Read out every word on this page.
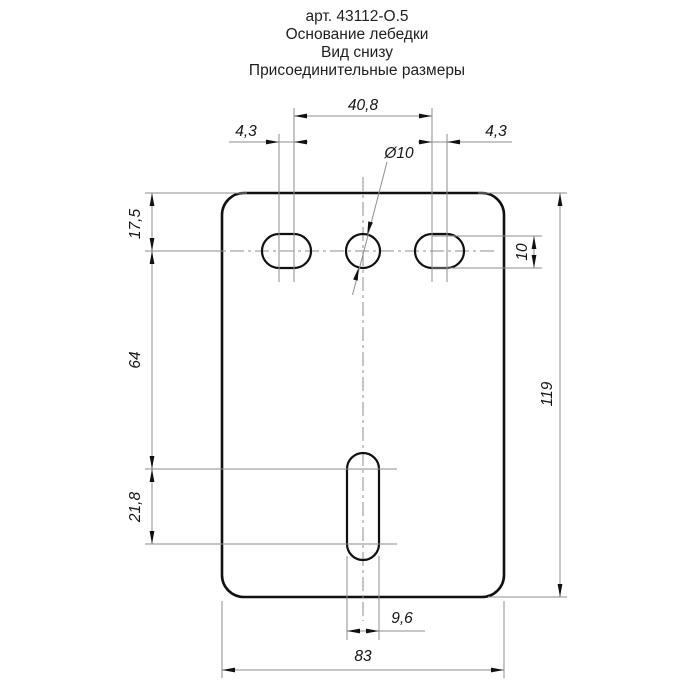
арт. 43112-О.5
Основание лебедки
Вид снизу
Присоединительные размеры
40,8
4,3	4,3
Ø10
17,5
64
21,8
10
119
9,6
83
